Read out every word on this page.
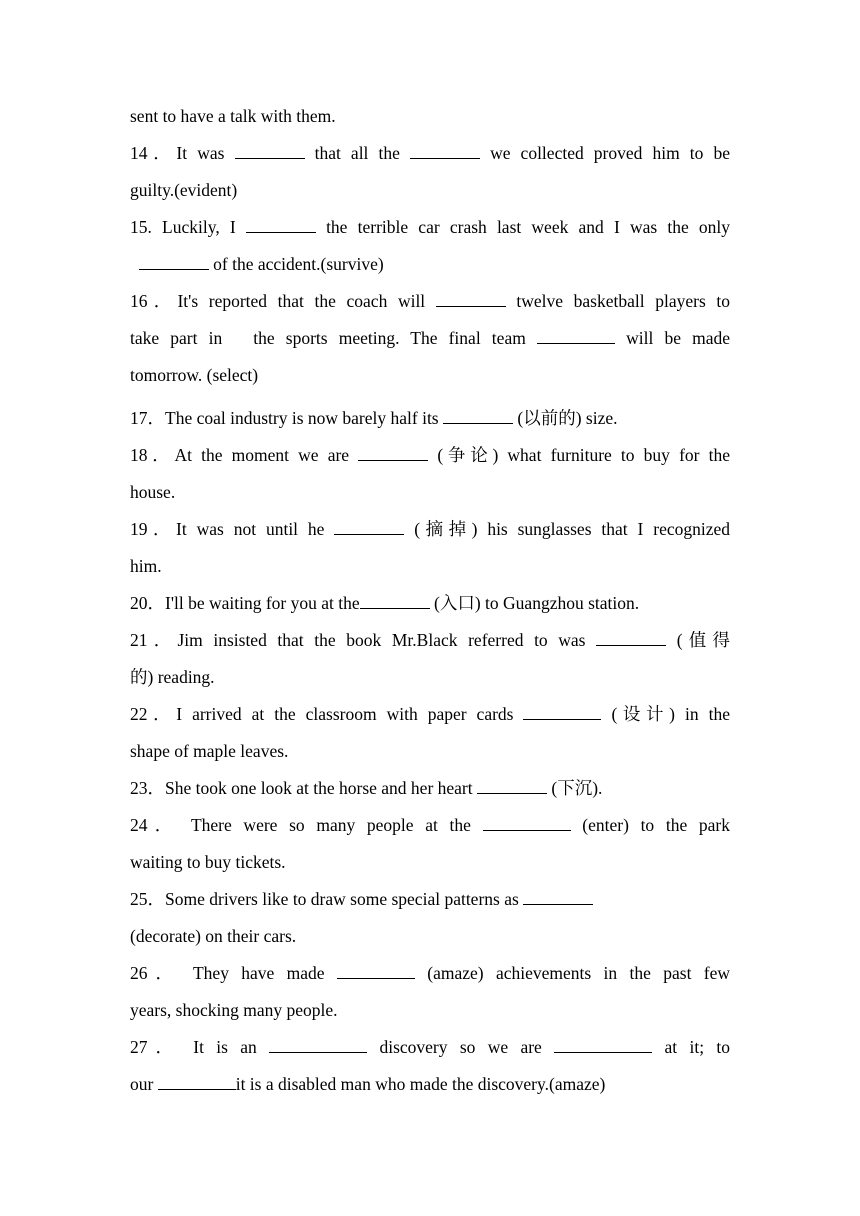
sent to have a talk with them.
14．It was	that all the	we collected proved him to be
guilty.(evident)
15. Luckily, I	the terrible car crash last week and I was the only
of the accident.(survive)
16．It's reported that the coach will	twelve basketball players to
take part in　the sports meeting. The final team	will be made
tomorrow. (select)
17．The coal industry is now barely half its	(以前的) size.
18．At the moment we are	(争论) what furniture to buy for the
house.
19．It was not until he	(摘掉) his sunglasses that I recognized
him.
20．I'll be waiting for you at the	(入口) to Guangzhou station.
21．Jim insisted that the book Mr.Black referred to was	(值得
的) reading.
22．I arrived at the classroom with paper cards	(设计) in the
shape of maple leaves.
23．She took one look at the horse and her heart	(下沉).
24． There were so many people at the	(enter) to the park
waiting to buy tickets.
25．Some drivers like to draw some special patterns as
(decorate) on their cars.
26． They have made	(amaze) achievements in the past few
years, shocking many people.
27． It is an	discovery so we are	at it; to
our	it is a disabled man who made the discovery.(amaze)
